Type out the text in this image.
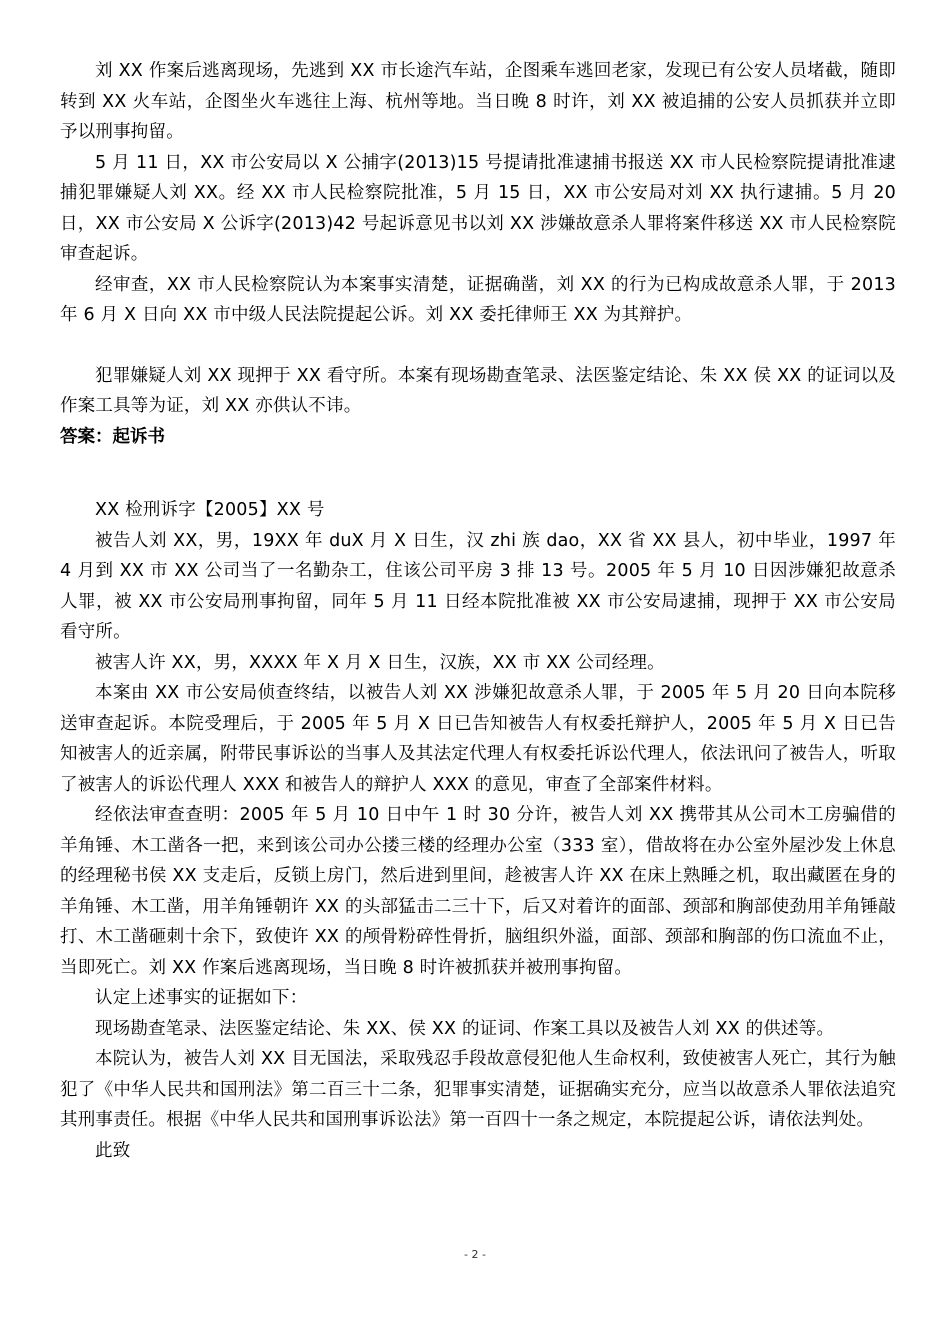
刘 XX 作案后逃离现场，先逃到 XX 市长途汽车站，企图乘车逃回老家，发现已有公安人员堵截，随即转到 XX 火车站，企图坐火车逃往上海、杭州等地。当日晚 8 时许，刘 XX 被追捕的公安人员抓获并立即予以刑事拘留。

5 月 11 日，XX 市公安局以 X 公捕字(2013)15 号提请批准逮捕书报送 XX 市人民检察院提请批准逮捕犯罪嫌疑人刘 XX。经 XX 市人民检察院批准，5 月 15 日，XX 市公安局对刘 XX 执行逮捕。5 月 20 日，XX 市公安局 X 公诉字(2013)42 号起诉意见书以刘 XX 涉嫌故意杀人罪将案件移送 XX 市人民检察院审查起诉。

经审查，XX 市人民检察院认为本案事实清楚，证据确凿，刘 XX 的行为已构成故意杀人罪，于 2013 年 6 月 X 日向 XX 市中级人民法院提起公诉。刘 XX 委托律师王 XX 为其辩护。

犯罪嫌疑人刘 XX 现押于 XX 看守所。本案有现场勘查笔录、法医鉴定结论、朱 XX 侯 XX 的证词以及作案工具等为证，刘 XX 亦供认不讳。

答案：起诉书

XX 检刑诉字【2005】XX 号

被告人刘 XX，男，19XX 年 duX 月 X 日生，汉 zhi 族 dao，XX 省 XX 县人，初中毕业，1997 年 4 月到 XX 市 XX 公司当了一名勤杂工，住该公司平房 3 排 13 号。2005 年 5 月 10 日因涉嫌犯故意杀人罪，被 XX 市公安局刑事拘留，同年 5 月 11 日经本院批准被 XX 市公安局逮捕，现押于 XX 市公安局看守所。

被害人许 XX，男，XXXX 年 X 月 X 日生，汉族，XX 市 XX 公司经理。

本案由 XX 市公安局侦查终结，以被告人刘 XX 涉嫌犯故意杀人罪，于 2005 年 5 月 20 日向本院移送审查起诉。本院受理后，于 2005 年 5 月 X 日已告知被告人有权委托辩护人，2005 年 5 月 X 日已告知被害人的近亲属，附带民事诉讼的当事人及其法定代理人有权委托诉讼代理人，依法讯问了被告人，听取了被害人的诉讼代理人 XXX 和被告人的辩护人 XXX 的意见，审查了全部案件材料。

经依法审查查明：2005 年 5 月 10 日中午 1 时 30 分许，被告人刘 XX 携带其从公司木工房骗借的羊角锤、木工凿各一把，来到该公司办公搂三楼的经理办公室（333 室），借故将在办公室外屋沙发上休息的经理秘书侯 XX 支走后，反锁上房门，然后进到里间，趁被害人许 XX 在床上熟睡之机，取出藏匿在身的羊角锤、木工凿，用羊角锤朝许 XX 的头部猛击二三十下，后又对着许的面部、颈部和胸部使劲用羊角锤敲打、木工凿砸刺十余下，致使许 XX 的颅骨粉碎性骨折，脑组织外溢，面部、颈部和胸部的伤口流血不止，当即死亡。刘 XX 作案后逃离现场，当日晚 8 时许被抓获并被刑事拘留。

认定上述事实的证据如下：

现场勘查笔录、法医鉴定结论、朱 XX、侯 XX 的证词、作案工具以及被告人刘 XX 的供述等。

本院认为，被告人刘 XX 目无国法，采取残忍手段故意侵犯他人生命权利，致使被害人死亡，其行为触犯了《中华人民共和国刑法》第二百三十二条，犯罪事实清楚，证据确实充分，应当以故意杀人罪依法追究其刑事责任。根据《中华人民共和国刑事诉讼法》第一百四十一条之规定，本院提起公诉，请依法判处。

此致

- 2 -
